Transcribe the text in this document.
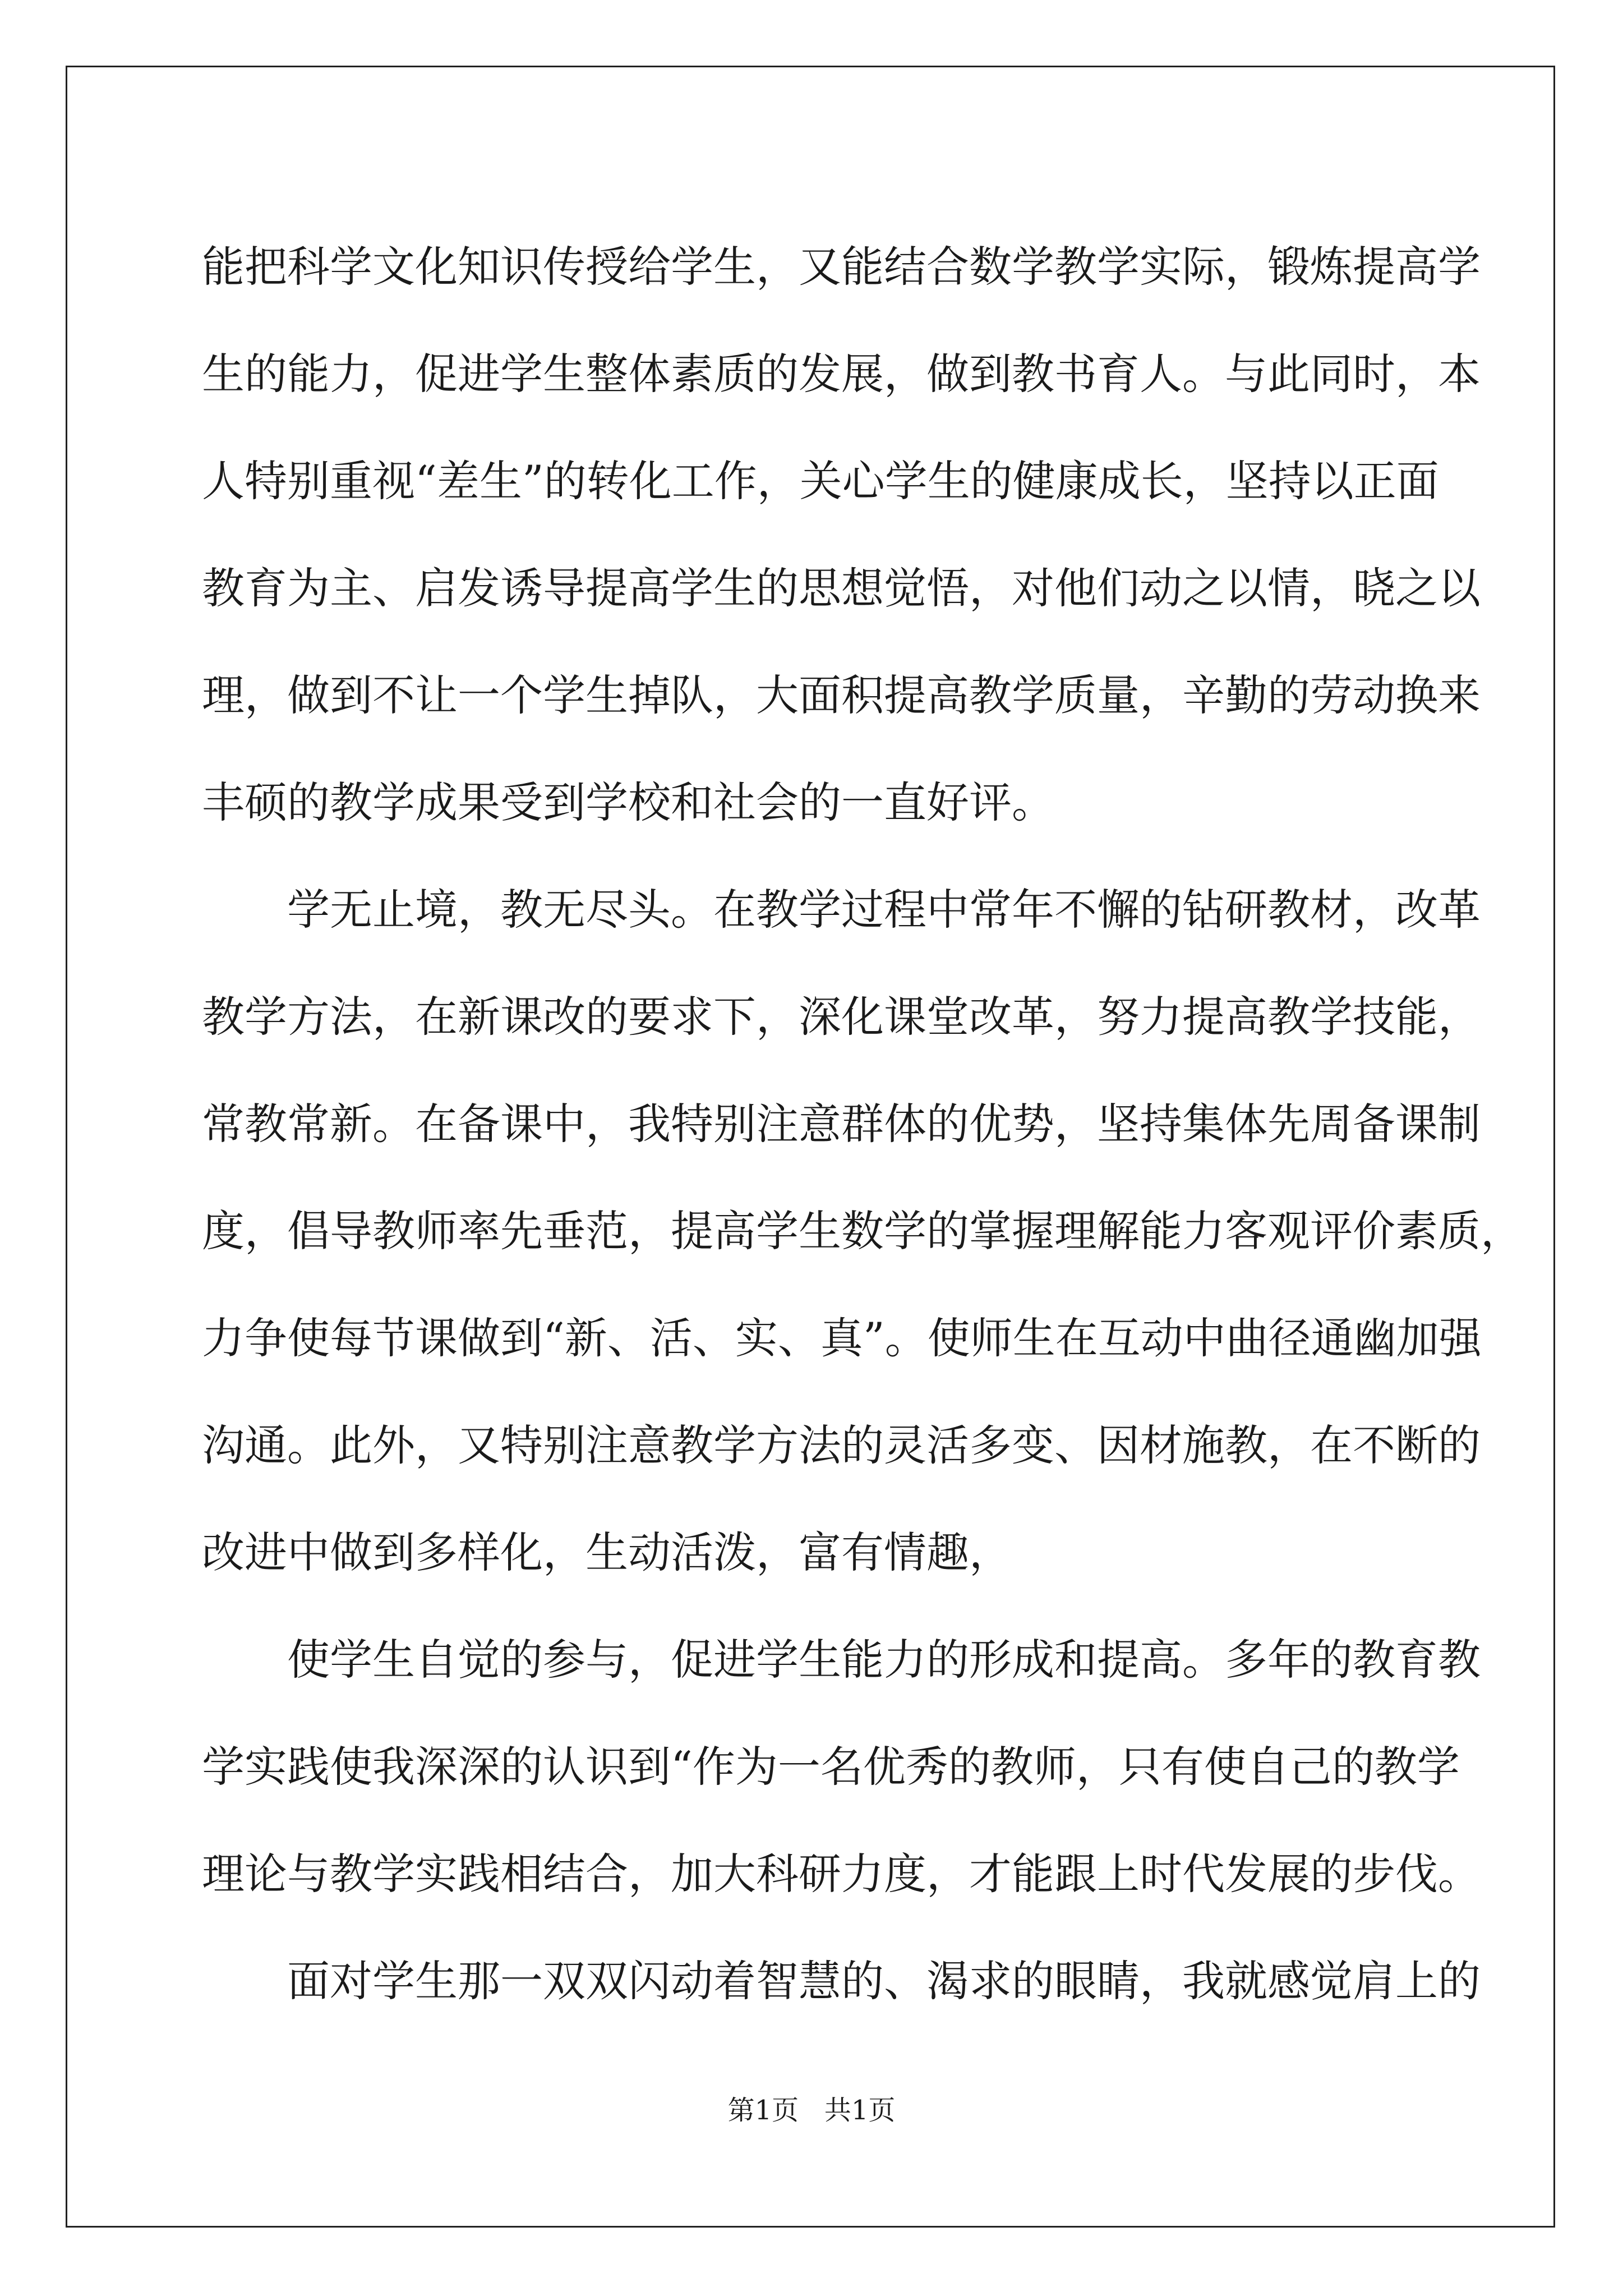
能把科学文化知识传授给学生，又能结合数学教学实际，锻炼提高学
生的能力，促进学生整体素质的发展，做到教书育人。与此同时，本
人特别重视“差生”的转化工作，关心学生的健康成长，坚持以正面
教育为主、启发诱导提高学生的思想觉悟，对他们动之以情，晓之以
理，做到不让一个学生掉队，大面积提高教学质量，辛勤的劳动换来
丰硕的教学成果受到学校和社会的一直好评。
学无止境，教无尽头。在教学过程中常年不懈的钻研教材，改革
教学方法，在新课改的要求下，深化课堂改革，努力提高教学技能，
常教常新。在备课中，我特别注意群体的优势，坚持集体先周备课制
度，倡导教师率先垂范，提高学生数学的掌握理解能力客观评价素质，
力争使每节课做到“新、活、实、真”。使师生在互动中曲径通幽加强
沟通。此外，又特别注意教学方法的灵活多变、因材施教，在不断的
改进中做到多样化，生动活泼，富有情趣，
使学生自觉的参与，促进学生能力的形成和提高。多年的教育教
学实践使我深深的认识到“作为一名优秀的教师，只有使自己的教学
理论与教学实践相结合，加大科研力度，才能跟上时代发展的步伐。
面对学生那一双双闪动着智慧的、渴求的眼睛，我就感觉肩上的
第1页   共1页
